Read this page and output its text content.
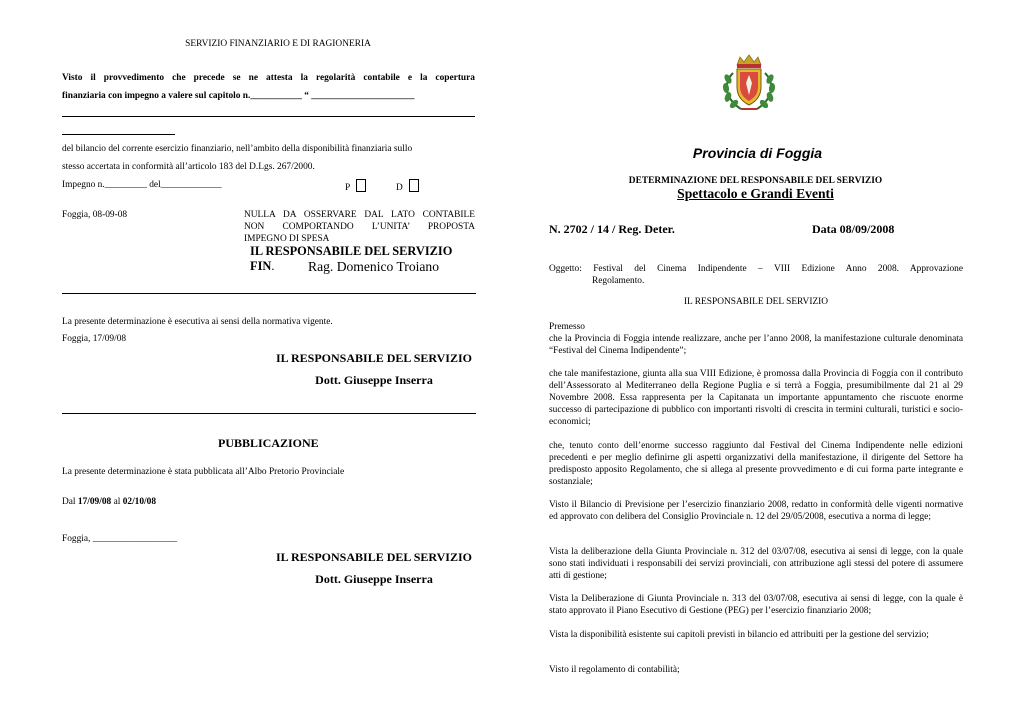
SERVIZIO FINANZIARIO E DI RAGIONERIA
Visto il provvedimento che precede se ne attesta la regolarità contabile e la copertura
finanziaria con impegno a valere sul capitolo n.___________ “ ______________________
del bilancio del corrente esercizio finanziario, nell’ambito della disponibilità finanziaria sullo
stesso accertata in conformità all’articolo 183 del D.Lgs. 267/2000.
Impegno n._________ del_____________	P	D
Foggia, 08-09-08	NULLA DA OSSERVARE DAL LATO CONTABILE
NON COMPORTANDO L’UNITA’ PROPOSTA
IMPEGNO DI SPESA
IL RESPONSABILE DEL SERVIZIO FIN.	Rag. Domenico Troiano
La presente determinazione è esecutiva ai sensi della normativa vigente.
Foggia, 17/09/08
IL RESPONSABILE DEL SERVIZIO
Dott. Giuseppe Inserra
PUBBLICAZIONE
La presente determinazione è stata pubblicata all’Albo Pretorio Provinciale
Dal 17/09/08 al 02/10/08
Foggia, __________________
IL RESPONSABILE DEL SERVIZIO
Dott. Giuseppe Inserra
Provincia di Foggia
DETERMINAZIONE DEL RESPONSABILE DEL SERVIZIO
Spettacolo e Grandi Eventi
N. 2702 / 14 / Reg. Deter.	Data 08/09/2008
Oggetto: Festival del Cinema Indipendente – VIII Edizione Anno 2008. Approvazione
Regolamento.
IL RESPONSABILE DEL SERVIZIO
Premesso

che la Provincia di Foggia intende realizzare, anche per l’anno 2008, la manifestazione culturale denominata “Festival del Cinema Indipendente”;

che tale manifestazione, giunta alla sua VIII Edizione, è promossa dalla Provincia di Foggia con il contributo dell’Assessorato al Mediterraneo della Regione Puglia e si terrà a Foggia, presumibilmente dal 21 al 29 Novembre 2008. Essa rappresenta per la Capitanata un importante appuntamento che riscuote enorme successo di partecipazione di pubblico con importanti risvolti di crescita in termini culturali, turistici e socio-economici;

che, tenuto conto dell’enorme successo raggiunto dal Festival del Cinema Indipendente nelle edizioni precedenti e per meglio definirne gli aspetti organizzativi della manifestazione, il dirigente del Settore ha predisposto apposito Regolamento, che si allega al presente provvedimento e di cui forma parte integrante e sostanziale;

Visto il Bilancio di Previsione per l’esercizio finanziario 2008, redatto in conformità delle vigenti normative ed approvato con delibera del Consiglio Provinciale n. 12 del 29/05/2008, esecutiva a norma di legge;

Vista la deliberazione della Giunta Provinciale n. 312 del 03/07/08, esecutiva ai sensi di legge, con la quale sono stati individuati i responsabili dei servizi provinciali, con attribuzione agli stessi del potere di assumere atti di gestione;

Vista la Deliberazione di Giunta Provinciale n. 313 del 03/07/08, esecutiva ai sensi di legge, con la quale è stato approvato il Piano Esecutivo di Gestione (PEG) per l’esercizio finanziario 2008;

Vista la disponibilità esistente sui capitoli previsti in bilancio ed attribuiti per la gestione del servizio;

Visto il regolamento di contabilità;
